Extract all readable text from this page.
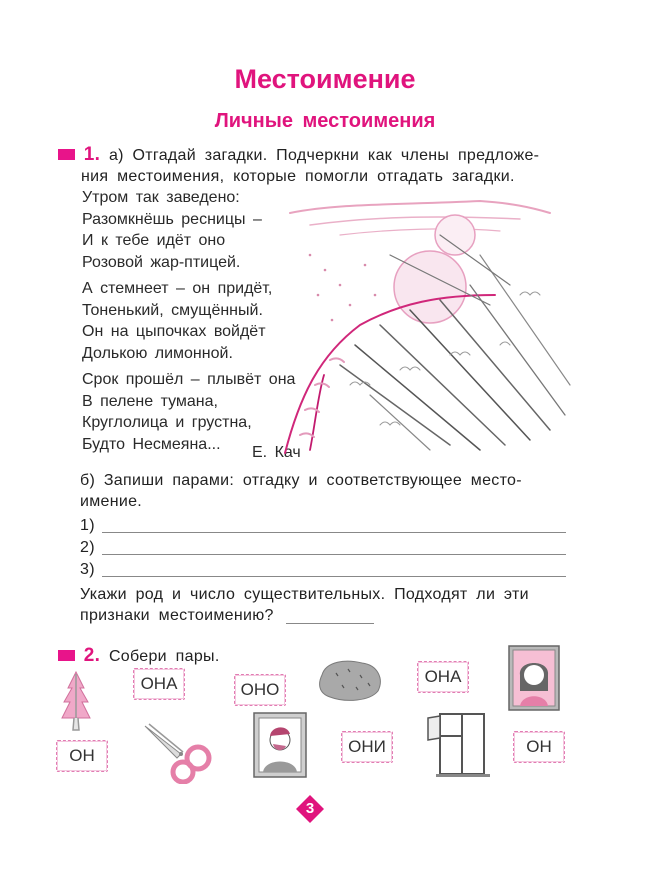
Местоимение
Личные местоимения
1. а) Отгадай загадки. Подчеркни как члены предложе-
ния местоимения, которые помогли отгадать загадки.
Утром так заведено:
Разомкнёшь ресницы –
И к тебе идёт оно
Розовой жар-птицей.
А стемнеет – он придёт,
Тоненький, смущённый.
Он на цыпочках войдёт
Долькою лимонной.
Срок прошёл – плывёт она
В пелене тумана,
Круглолица и грустна,
Будто Несмеяна...	Е. Кач
б) Запиши парами: отгадку и соответствующее место-
имение.
1)
2)
3)
Укажи род и число существительных. Подходят ли эти
признаки местоимению?
2. Собери пары.
ОНА	ОНО
ОНА
ОН	ОНИ	ОН
3
